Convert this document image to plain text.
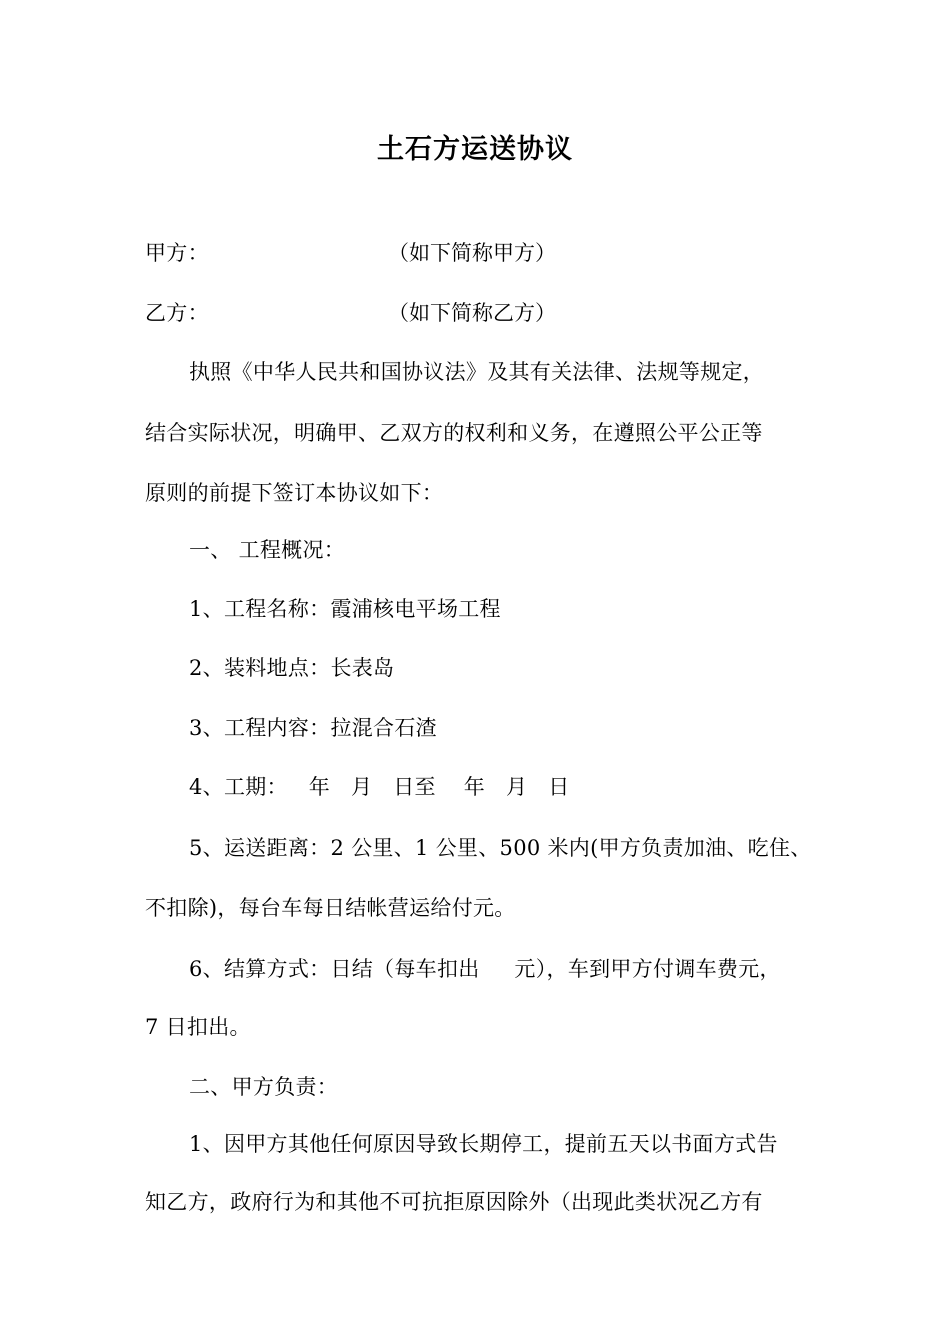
土石方运送协议
甲方：	（如下简称甲方）
乙方：	（如下简称乙方）
执照《中华人民共和国协议法》及其有关法律、法规等规定，
结合实际状况，明确甲、乙双方的权利和义务，在遵照公平公正等
原则的前提下签订本协议如下：
一、 工程概况：
1、工程名称：霞浦核电平场工程
2、装料地点：长表岛
3、工程内容：拉混合石渣
4、工期：   年   月   日至    年   月   日
5、运送距离：2 公里、1 公里、500 米内(甲方负责加油、吃住、
不扣除)，每台车每日结帐营运给付元。
6、结算方式：日结（每车扣出     元），车到甲方付调车费元，
7 日扣出。
二、甲方负责：
1、因甲方其他任何原因导致长期停工，提前五天以书面方式告
知乙方，政府行为和其他不可抗拒原因除外（出现此类状况乙方有
